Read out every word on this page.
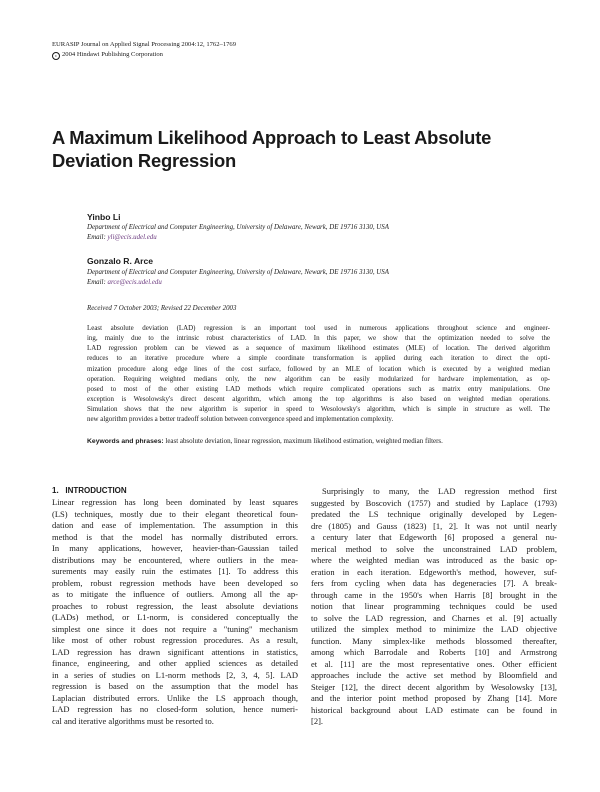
EURASIP Journal on Applied Signal Processing 2004:12, 1762–1769
c 2004 Hindawi Publishing Corporation
A Maximum Likelihood Approach to Least Absolute
Deviation Regression
Yinbo Li
Department of Electrical and Computer Engineering, University of Delaware, Newark, DE 19716 3130, USA
Email: yli@ecis.udel.edu
Gonzalo R. Arce
Department of Electrical and Computer Engineering, University of Delaware, Newark, DE 19716 3130, USA
Email: arce@ecis.udel.edu
Received 7 October 2003; Revised 22 December 2003
Least absolute deviation (LAD) regression is an important tool used in numerous applications throughout science and engineer-
ing, mainly due to the intrinsic robust characteristics of LAD. In this paper, we show that the optimization needed to solve the
LAD regression problem can be viewed as a sequence of maximum likelihood estimates (MLE) of location. The derived algorithm
reduces to an iterative procedure where a simple coordinate transformation is applied during each iteration to direct the opti-
mization procedure along edge lines of the cost surface, followed by an MLE of location which is executed by a weighted median
operation. Requiring weighted medians only, the new algorithm can be easily modularized for hardware implementation, as op-
posed to most of the other existing LAD methods which require complicated operations such as matrix entry manipulations. One
exception is Wesolowsky's direct descent algorithm, which among the top algorithms is also based on weighted median operations.
Simulation shows that the new algorithm is superior in speed to Wesolowsky's algorithm, which is simple in structure as well. The
new algorithm provides a better tradeoff solution between convergence speed and implementation complexity.
Keywords and phrases: least absolute deviation, linear regression, maximum likelihood estimation, weighted median filters.
1. INTRODUCTION
Linear regression has long been dominated by least squares
(LS) techniques, mostly due to their elegant theoretical foun-
dation and ease of implementation. The assumption in this
method is that the model has normally distributed errors.
In many applications, however, heavier-than-Gaussian tailed
distributions may be encountered, where outliers in the mea-
surements may easily ruin the estimates [1]. To address this
problem, robust regression methods have been developed so
as to mitigate the influence of outliers. Among all the ap-
proaches to robust regression, the least absolute deviations
(LADs) method, or L1-norm, is considered conceptually the
simplest one since it does not require a "tuning" mechanism
like most of other robust regression procedures. As a result,
LAD regression has drawn significant attentions in statistics,
finance, engineering, and other applied sciences as detailed
in a series of studies on L1-norm methods [2, 3, 4, 5]. LAD
regression is based on the assumption that the model has
Laplacian distributed errors. Unlike the LS approach though,
LAD regression has no closed-form solution, hence numeri-
cal and iterative algorithms must be resorted to.
Surprisingly to many, the LAD regression method first
suggested by Boscovich (1757) and studied by Laplace (1793)
predated the LS technique originally developed by Legen-
dre (1805) and Gauss (1823) [1, 2]. It was not until nearly
a century later that Edgeworth [6] proposed a general nu-
merical method to solve the unconstrained LAD problem,
where the weighted median was introduced as the basic op-
eration in each iteration. Edgeworth's method, however, suf-
fers from cycling when data has degeneracies [7]. A break-
through came in the 1950's when Harris [8] brought in the
notion that linear programming techniques could be used
to solve the LAD regression, and Charnes et al. [9] actually
utilized the simplex method to minimize the LAD objective
function. Many simplex-like methods blossomed thereafter,
among which Barrodale and Roberts [10] and Armstrong
et al. [11] are the most representative ones. Other efficient
approaches include the active set method by Bloomfield and
Steiger [12], the direct decent algorithm by Wesolowsky [13],
and the interior point method proposed by Zhang [14]. More
historical background about LAD estimate can be found in
[2].
